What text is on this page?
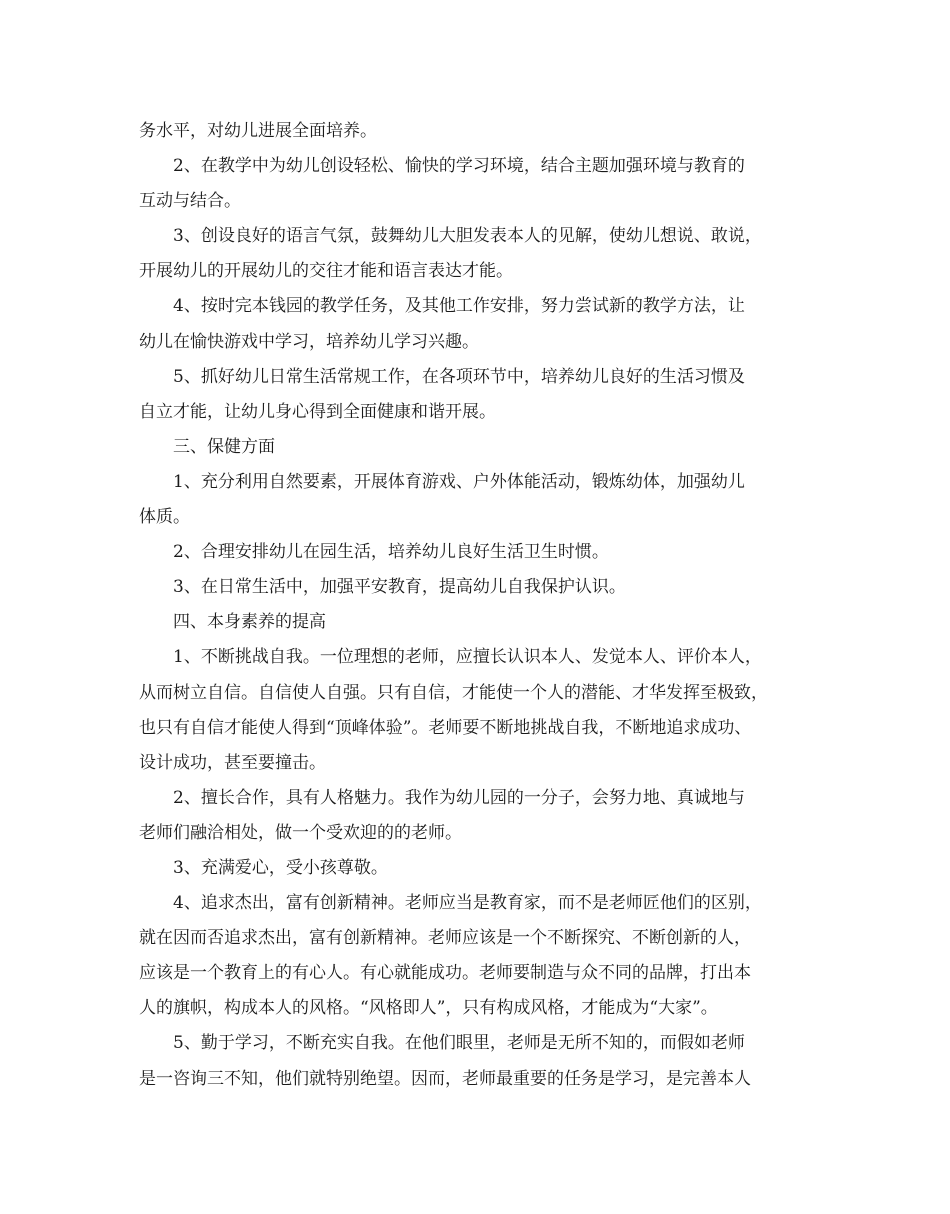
务水平，对幼儿进展全面培养。
2、在教学中为幼儿创设轻松、愉快的学习环境，结合主题加强环境与教育的
互动与结合。
3、创设良好的语言气氛，鼓舞幼儿大胆发表本人的见解，使幼儿想说、敢说，
开展幼儿的开展幼儿的交往才能和语言表达才能。
4、按时完本钱园的教学任务，及其他工作安排，努力尝试新的教学方法，让
幼儿在愉快游戏中学习，培养幼儿学习兴趣。
5、抓好幼儿日常生活常规工作，在各项环节中，培养幼儿良好的生活习惯及
自立才能，让幼儿身心得到全面健康和谐开展。
三、保健方面
1、充分利用自然要素，开展体育游戏、户外体能活动，锻炼幼体，加强幼儿
体质。
2、合理安排幼儿在园生活，培养幼儿良好生活卫生时惯。
3、在日常生活中，加强平安教育，提高幼儿自我保护认识。
四、本身素养的提高
1、不断挑战自我。一位理想的老师，应擅长认识本人、发觉本人、评价本人，
从而树立自信。自信使人自强。只有自信，才能使一个人的潜能、才华发挥至极致，
也只有自信才能使人得到“顶峰体验”。老师要不断地挑战自我，不断地追求成功、
设计成功，甚至要撞击。
2、擅长合作，具有人格魅力。我作为幼儿园的一分子，会努力地、真诚地与
老师们融洽相处，做一个受欢迎的的老师。
3、充满爱心，受小孩尊敬。
4、追求杰出，富有创新精神。老师应当是教育家，而不是老师匠他们的区别，
就在因而否追求杰出，富有创新精神。老师应该是一个不断探究、不断创新的人，
应该是一个教育上的有心人。有心就能成功。老师要制造与众不同的品牌，打出本
人的旗帜，构成本人的风格。“风格即人”，只有构成风格，才能成为“大家”。
5、勤于学习，不断充实自我。在他们眼里，老师是无所不知的，而假如老师
是一咨询三不知，他们就特别绝望。因而，老师最重要的任务是学习，是完善本人
